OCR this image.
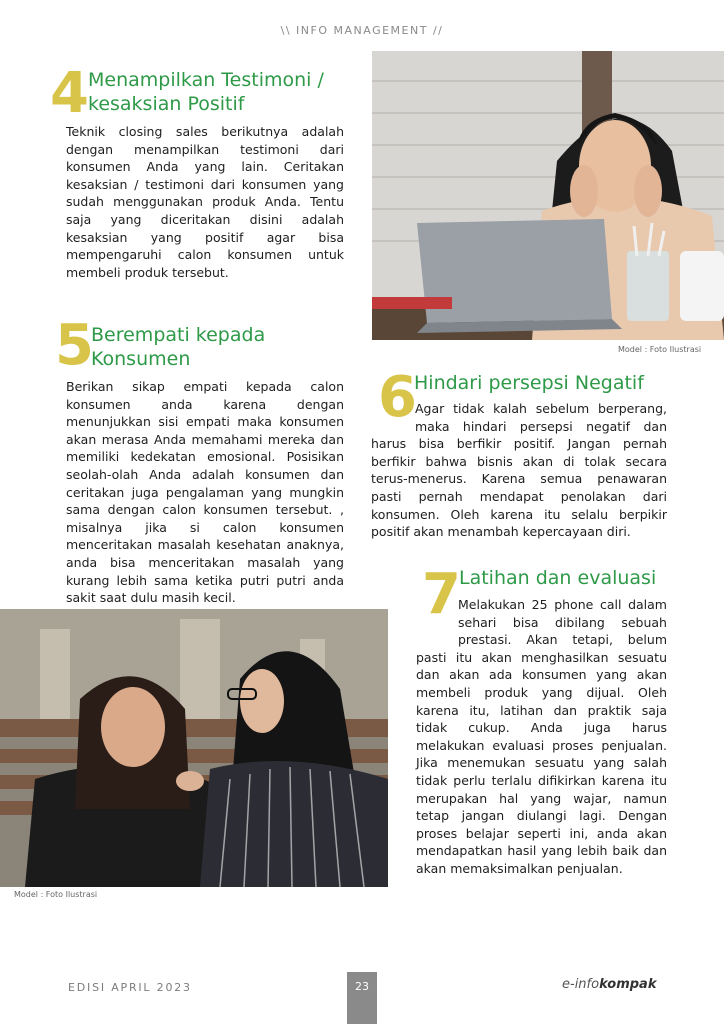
\\ INFO MANAGEMENT //
4 Menampilkan Testimoni /
kesaksian Positif

Teknik closing sales berikutnya adalah dengan menampilkan testimoni dari konsumen Anda yang lain. Ceritakan kesaksian / testimoni dari konsumen yang sudah menggunakan produk Anda. Tentu saja yang diceritakan disini adalah kesaksian yang positif agar bisa mempengaruhi calon konsumen untuk membeli produk tersebut.

Model : Foto Ilustrasi
5
Berempati kepada
Konsumen

Berikan sikap empati kepada calon konsumen anda karena dengan menunjukkan sisi empati maka konsumen akan merasa Anda memahami mereka dan memiliki kedekatan emosional. Posisikan seolah-olah Anda adalah konsumen dan ceritakan juga pengalaman yang mungkin sama dengan calon konsumen tersebut. , misalnya jika si calon konsumen menceritakan masalah kesehatan anaknya, anda bisa menceritakan masalah yang kurang lebih sama ketika putri putri anda sakit saat dulu masih kecil.

6
Hindari persepsi Negatif

Agar tidak kalah sebelum berperang, maka hindari persepsi negatif dan harus bisa berfikir positif. Jangan pernah berfikir bahwa bisnis akan di tolak secara terus-menerus. Karena semua penawaran pasti pernah mendapat penolakan dari konsumen. Oleh karena itu selalu berpikir positif akan menambah kepercayaan diri.

7
Latihan dan evaluasi

Melakukan 25 phone call dalam sehari bisa dibilang sebuah prestasi. Akan tetapi, belum pasti itu akan menghasilkan sesuatu dan akan ada konsumen yang akan membeli produk yang dijual. Oleh karena itu, latihan dan praktik saja tidak cukup. Anda juga harus melakukan evaluasi proses penjualan. Jika menemukan sesuatu yang salah tidak perlu terlalu difikirkan karena itu merupakan hal yang wajar, namun tetap jangan diulangi lagi. Dengan proses belajar seperti ini, anda akan mendapatkan hasil yang lebih baik dan akan memaksimalkan penjualan.

Model : Foto Ilustrasi
EDISI APRIL 2023	23	e-infokompak
